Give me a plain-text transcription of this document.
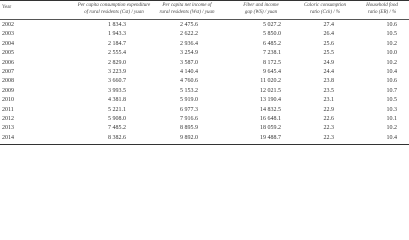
Year	Per capita consumption expenditure
of rural residents (Cst) / yuan
Per capita net income of
rural residents (Wst) / yuan
Fiber and income
gap (WS) / yuan
Caloric consumption
ratio (Cck) / %
Household food
ratio (ER) / %
2002	1 834.3	2 475.6	5 027.2	27.4	10.6
2003	1 943.3	2 622.2	5 850.0	26.4	10.5
2004	2 184.7	2 936.4	6 485.2	25.6	10.2
2005	2 555.4	3 254.9	7 238.1	25.5	10.0
2006	2 829.0	3 587.0	8 172.5	24.9	10.2
2007	3 223.9	4 140.4	9 645.4	24.4	10.4
2008	3 660.7	4 760.6	11 020.2	23.8	10.6
2009	3 993.5	5 153.2	12 021.5	23.5	10.7
2010	4 381.8	5 919.0	13 190.4	23.1	10.5
2011	5 221.1	6 977.3	14 832.5	22.9	10.3
2012	5 908.0	7 916.6	16 648.1	22.6	10.1
2013	7 485.2	8 895.9	18 059.2	22.3	10.2
2014	8 382.6	9 892.0	19 488.7	22.3	10.4
